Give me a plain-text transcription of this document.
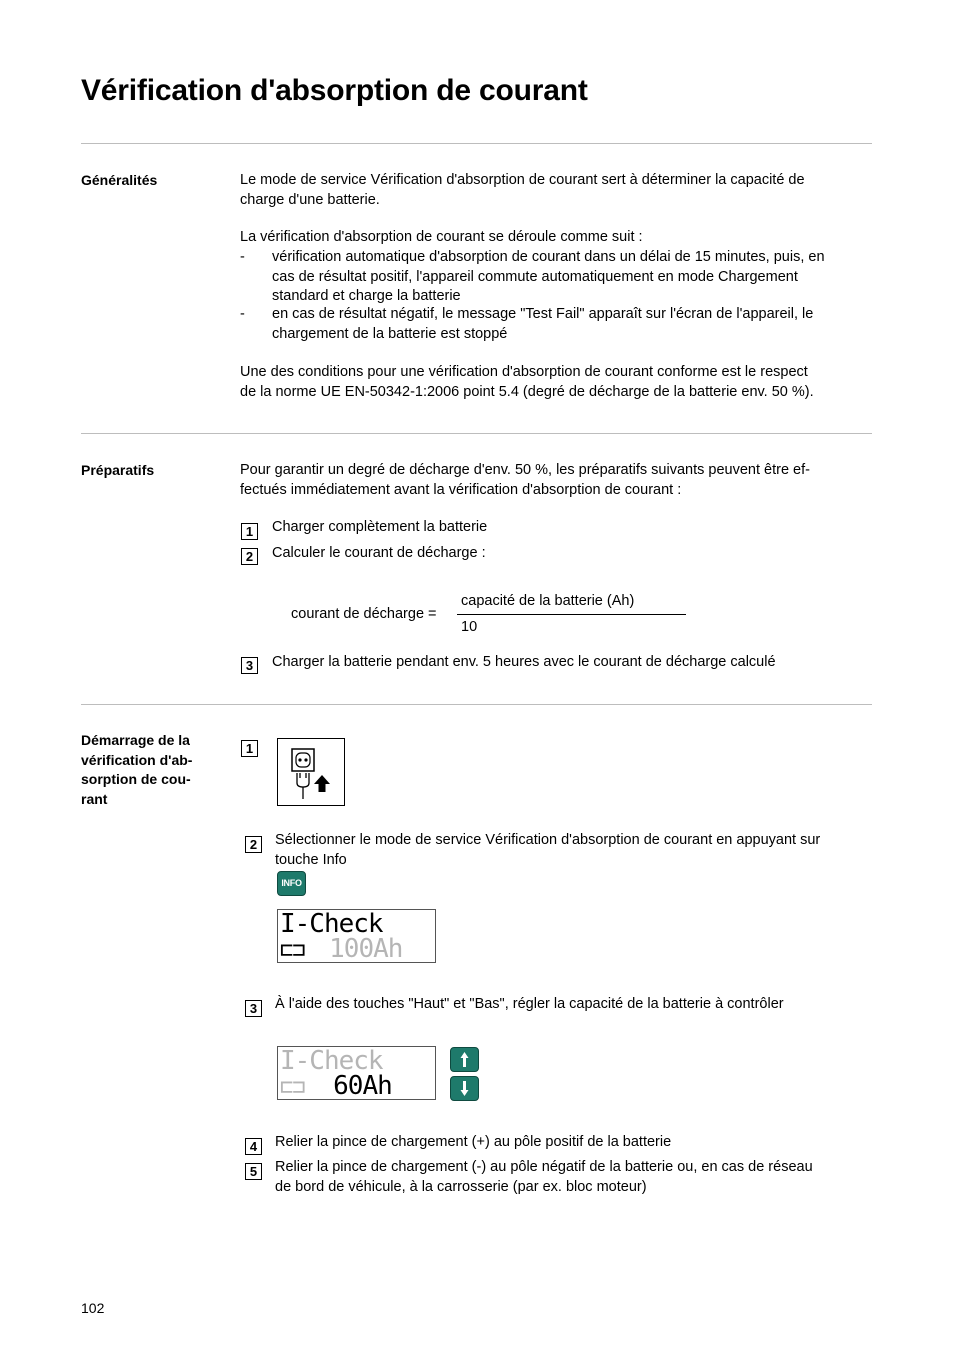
Vérification d'absorption de courant
Généralités	Le mode de service Vérification d'absorption de courant sert à déterminer la capacité de
charge d'une batterie.
La vérification d'absorption de courant se déroule comme suit :
- vérification automatique d'absorption de courant dans un délai de 15 minutes, puis, en
cas de résultat positif, l'appareil commute automatiquement en mode Chargement
standard et charge la batterie
- en cas de résultat négatif, le message "Test Fail" apparaît sur l'écran de l'appareil, le
chargement de la batterie est stoppé
Une des conditions pour une vérification d'absorption de courant conforme est le respect
de la norme UE EN-50342-1:2006 point 5.4 (degré de décharge de la batterie env. 50 %).
Préparatifs	Pour garantir un degré de décharge d'env. 50 %, les préparatifs suivants peuvent être ef-
fectués immédiatement avant la vérification d'absorption de courant :
1	Charger complètement la batterie
2	Calculer le courant de décharge :
courant de décharge =
capacité de la batterie (Ah)
10
3	Charger la batterie pendant env. 5 heures avec le courant de décharge calculé
Démarrage de la
vérification d'ab-
sorption de cou-
rant
1
2	Sélectionner le mode de service Vérification d'absorption de courant en appuyant sur
touche Info
INFO
I-Check
⊏⊐ 100Ah
3	À l'aide des touches "Haut" et "Bas", régler la capacité de la batterie à contrôler
I-Check
⊏⊐ 60Ah
4	Relier la pince de chargement (+) au pôle positif de la batterie
5	Relier la pince de chargement (-) au pôle négatif de la batterie ou, en cas de réseau
de bord de véhicule, à la carrosserie (par ex. bloc moteur)
102
